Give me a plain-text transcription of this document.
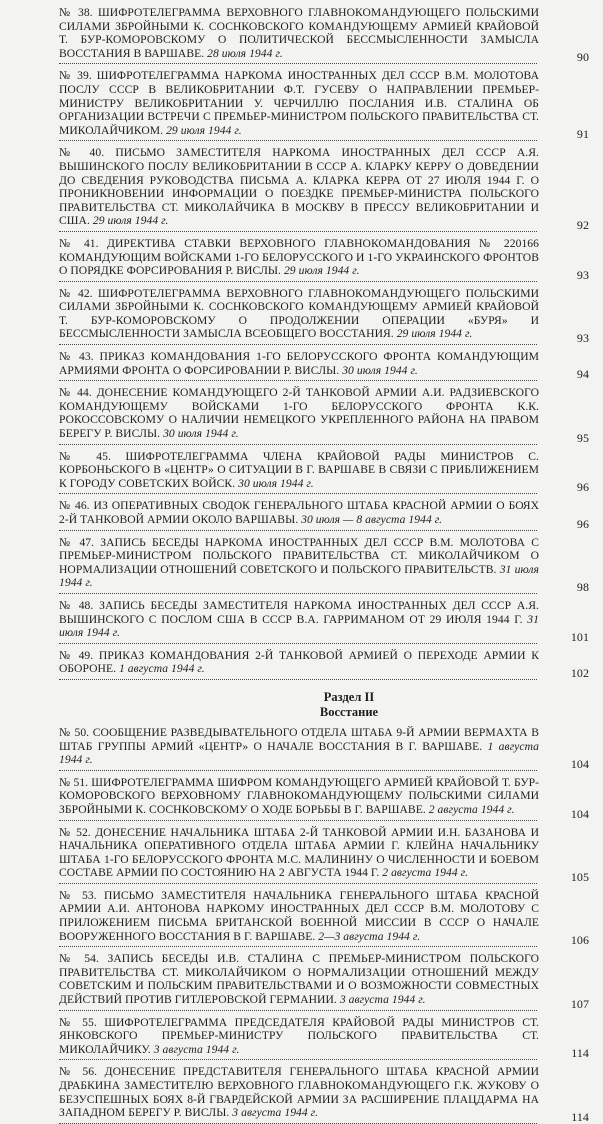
№ 38. ШИФРОТЕЛЕГРАММА ВЕРХОВНОГО ГЛАВНОКОМАНДУЮЩЕГО ПОЛЬСКИМИ СИЛАМИ ЗБРОЙНЫМИ К. СОСНКОВСКОГО КОМАНДУЮЩЕМУ АРМИЕЙ КРАЙОВОЙ Т. БУР-КОМОРОВСКОМУ О ПОЛИТИЧЕСКОЙ БЕССМЫСЛЕННОСТИ ЗАМЫСЛА ВОССТАНИЯ В ВАРШАВЕ. 28 июля 1944 г.	90
№ 39. ШИФРОТЕЛЕГРАММА НАРКОМА ИНОСТРАННЫХ ДЕЛ СССР В.М. МОЛОТОВА ПОСЛУ СССР В ВЕЛИКОБРИТАНИИ Ф.Т. ГУСЕВУ О НАПРАВЛЕНИИ ПРЕМЬЕР-МИНИСТРУ ВЕЛИКОБРИТАНИИ У. ЧЕРЧИЛЛЮ ПОСЛАНИЯ И.В. СТАЛИНА ОБ ОРГАНИЗАЦИИ ВСТРЕЧИ С ПРЕМЬЕР-МИНИСТРОМ ПОЛЬСКОГО ПРАВИТЕЛЬСТВА СТ. МИКОЛАЙЧИКОМ. 29 июля 1944 г.	91
№ 40. ПИСЬМО ЗАМЕСТИТЕЛЯ НАРКОМА ИНОСТРАННЫХ ДЕЛ СССР А.Я. ВЫШИНСКОГО ПОСЛУ ВЕЛИКОБРИТАНИИ В СССР А. КЛАРКУ КЕРРУ О ДОВЕДЕНИИ ДО СВЕДЕНИЯ РУКОВОДСТВА ПИСЬМА А. КЛАРКА КЕРРА ОТ 27 ИЮЛЯ 1944 Г. О ПРОНИКНОВЕНИИ ИНФОРМАЦИИ О ПОЕЗДКЕ ПРЕМЬЕР-МИНИСТРА ПОЛЬСКОГО ПРАВИТЕЛЬСТВА СТ. МИКОЛАЙЧИКА В МОСКВУ В ПРЕССУ ВЕЛИКОБРИТАНИИ И США. 29 июля 1944 г.	92
№ 41. ДИРЕКТИВА СТАВКИ ВЕРХОВНОГО ГЛАВНОКОМАНДОВАНИЯ № 220166 КОМАНДУЮЩИМ ВОЙСКАМИ 1-ГО БЕЛОРУССКОГО И 1-ГО УКРАИНСКОГО ФРОНТОВ О ПОРЯДКЕ ФОРСИРОВАНИЯ Р. ВИСЛЫ. 29 июля 1944 г.	93
№ 42. ШИФРОТЕЛЕГРАММА ВЕРХОВНОГО ГЛАВНОКОМАНДУЮЩЕГО ПОЛЬСКИМИ СИЛАМИ ЗБРОЙНЫМИ К. СОСНКОВСКОГО КОМАНДУЮЩЕМУ АРМИЕЙ КРАЙОВОЙ Т. БУР-КОМОРОВСКОМУ О ПРОДОЛЖЕНИИ ОПЕРАЦИИ «БУРЯ» И БЕССМЫСЛЕННОСТИ ЗАМЫСЛА ВСЕОБЩЕГО ВОССТАНИЯ. 29 июля 1944 г.	93
№ 43. ПРИКАЗ КОМАНДОВАНИЯ 1-ГО БЕЛОРУССКОГО ФРОНТА КОМАНДУЮЩИМ АРМИЯМИ ФРОНТА О ФОРСИРОВАНИИ Р. ВИСЛЫ. 30 июля 1944 г.	94
№ 44. ДОНЕСЕНИЕ КОМАНДУЮЩЕГО 2-Й ТАНКОВОЙ АРМИИ А.И. РАДЗИЕВСКОГО КОМАНДУЮЩЕМУ ВОЙСКАМИ 1-ГО БЕЛОРУССКОГО ФРОНТА К.К. РОКОССОВСКОМУ О НАЛИЧИИ НЕМЕЦКОГО УКРЕПЛЕННОГО РАЙОНА НА ПРАВОМ БЕРЕГУ Р. ВИСЛЫ. 30 июля 1944 г.	95
№ 45. ШИФРОТЕЛЕГРАММА ЧЛЕНА КРАЙОВОЙ РАДЫ МИНИСТРОВ С. КОРБОНЬСКОГО В «ЦЕНТР» О СИТУАЦИИ В Г. ВАРШАВЕ В СВЯЗИ С ПРИБЛИЖЕНИЕМ К ГОРОДУ СОВЕТСКИХ ВОЙСК. 30 июля 1944 г.	96
№ 46. ИЗ ОПЕРАТИВНЫХ СВОДОК ГЕНЕРАЛЬНОГО ШТАБА КРАСНОЙ АРМИИ О БОЯХ 2-Й ТАНКОВОЙ АРМИИ ОКОЛО ВАРШАВЫ. 30 июля — 8 августа 1944 г.	96
№ 47. ЗАПИСЬ БЕСЕДЫ НАРКОМА ИНОСТРАННЫХ ДЕЛ СССР В.М. МОЛОТОВА С ПРЕМЬЕР-МИНИСТРОМ ПОЛЬСКОГО ПРАВИТЕЛЬСТВА СТ. МИКОЛАЙЧИКОМ О НОРМАЛИЗАЦИИ ОТНОШЕНИЙ СОВЕТСКОГО И ПОЛЬСКОГО ПРАВИТЕЛЬСТВ. 31 июля 1944 г.	98
№ 48. ЗАПИСЬ БЕСЕДЫ ЗАМЕСТИТЕЛЯ НАРКОМА ИНОСТРАННЫХ ДЕЛ СССР А.Я. ВЫШИНСКОГО С ПОСЛОМ США В СССР В.А. ГАРРИМАНОМ ОТ 29 ИЮЛЯ 1944 Г. 31 июля 1944 г.	101
№ 49. ПРИКАЗ КОМАНДОВАНИЯ 2-Й ТАНКОВОЙ АРМИЕЙ О ПЕРЕХОДЕ АРМИИ К ОБОРОНЕ. 1 августа 1944 г.	102
Раздел II
Восстание
№ 50. СООБЩЕНИЕ РАЗВЕДЫВАТЕЛЬНОГО ОТДЕЛА ШТАБА 9-Й АРМИИ ВЕРМАХТА В ШТАБ ГРУППЫ АРМИЙ «ЦЕНТР» О НАЧАЛЕ ВОССТАНИЯ В Г. ВАРШАВЕ. 1 августа 1944 г.	104
№ 51. ШИФРОТЕЛЕГРАММА ШИФРОМ КОМАНДУЮЩЕГО АРМИЕЙ КРАЙОВОЙ Т. БУР-КОМОРОВСКОГО ВЕРХОВНОМУ ГЛАВНОКОМАНДУЮЩЕМУ ПОЛЬСКИМИ СИЛАМИ ЗБРОЙНЫМИ К. СОСНКОВСКОМУ О ХОДЕ БОРЬБЫ В Г. ВАРШАВЕ. 2 августа 1944 г.	104
№ 52. ДОНЕСЕНИЕ НАЧАЛЬНИКА ШТАБА 2-Й ТАНКОВОЙ АРМИИ И.Н. БАЗАНОВА И НАЧАЛЬНИКА ОПЕРАТИВНОГО ОТДЕЛА ШТАБА АРМИИ Г. КЛЕЙНА НАЧАЛЬНИКУ ШТАБА 1-ГО БЕЛОРУССКОГО ФРОНТА М.С. МАЛИНИНУ О ЧИСЛЕННОСТИ И БОЕВОМ СОСТАВЕ АРМИИ ПО СОСТОЯНИЮ НА 2 АВГУСТА 1944 Г. 2 августа 1944 г.	105
№ 53. ПИСЬМО ЗАМЕСТИТЕЛЯ НАЧАЛЬНИКА ГЕНЕРАЛЬНОГО ШТАБА КРАСНОЙ АРМИИ А.И. АНТОНОВА НАРКОМУ ИНОСТРАННЫХ ДЕЛ СССР В.М. МОЛОТОВУ С ПРИЛОЖЕНИЕМ ПИСЬМА БРИТАНСКОЙ ВОЕННОЙ МИССИИ В СССР О НАЧАЛЕ ВООРУЖЕННОГО ВОССТАНИЯ В Г. ВАРШАВЕ. 2—3 августа 1944 г.	106
№ 54. ЗАПИСЬ БЕСЕДЫ И.В. СТАЛИНА С ПРЕМЬЕР-МИНИСТРОМ ПОЛЬСКОГО ПРАВИТЕЛЬСТВА СТ. МИКОЛАЙЧИКОМ О НОРМАЛИЗАЦИИ ОТНОШЕНИЙ МЕЖДУ СОВЕТСКИМ И ПОЛЬСКИМ ПРАВИТЕЛЬСТВАМИ И О ВОЗМОЖНОСТИ СОВМЕСТНЫХ ДЕЙСТВИЙ ПРОТИВ ГИТЛЕРОВСКОЙ ГЕРМАНИИ. 3 августа 1944 г.	107
№ 55. ШИФРОТЕЛЕГРАММА ПРЕДСЕДАТЕЛЯ КРАЙОВОЙ РАДЫ МИНИСТРОВ СТ. ЯНКОВСКОГО ПРЕМЬЕР-МИНИСТРУ ПОЛЬСКОГО ПРАВИТЕЛЬСТВА СТ. МИКОЛАЙЧИКУ. 3 августа 1944 г.	114
№ 56. ДОНЕСЕНИЕ ПРЕДСТАВИТЕЛЯ ГЕНЕРАЛЬНОГО ШТАБА КРАСНОЙ АРМИИ ДРАБКИНА ЗАМЕСТИТЕЛЮ ВЕРХОВНОГО ГЛАВНОКОМАНДУЮЩЕГО Г.К. ЖУКОВУ О БЕЗУСПЕШНЫХ БОЯХ 8-Й ГВАРДЕЙСКОЙ АРМИИ ЗА РАСШИРЕНИЕ ПЛАЦДАРМА НА ЗАПАДНОМ БЕРЕГУ Р. ВИСЛЫ. 3 августа 1944 г.	114
